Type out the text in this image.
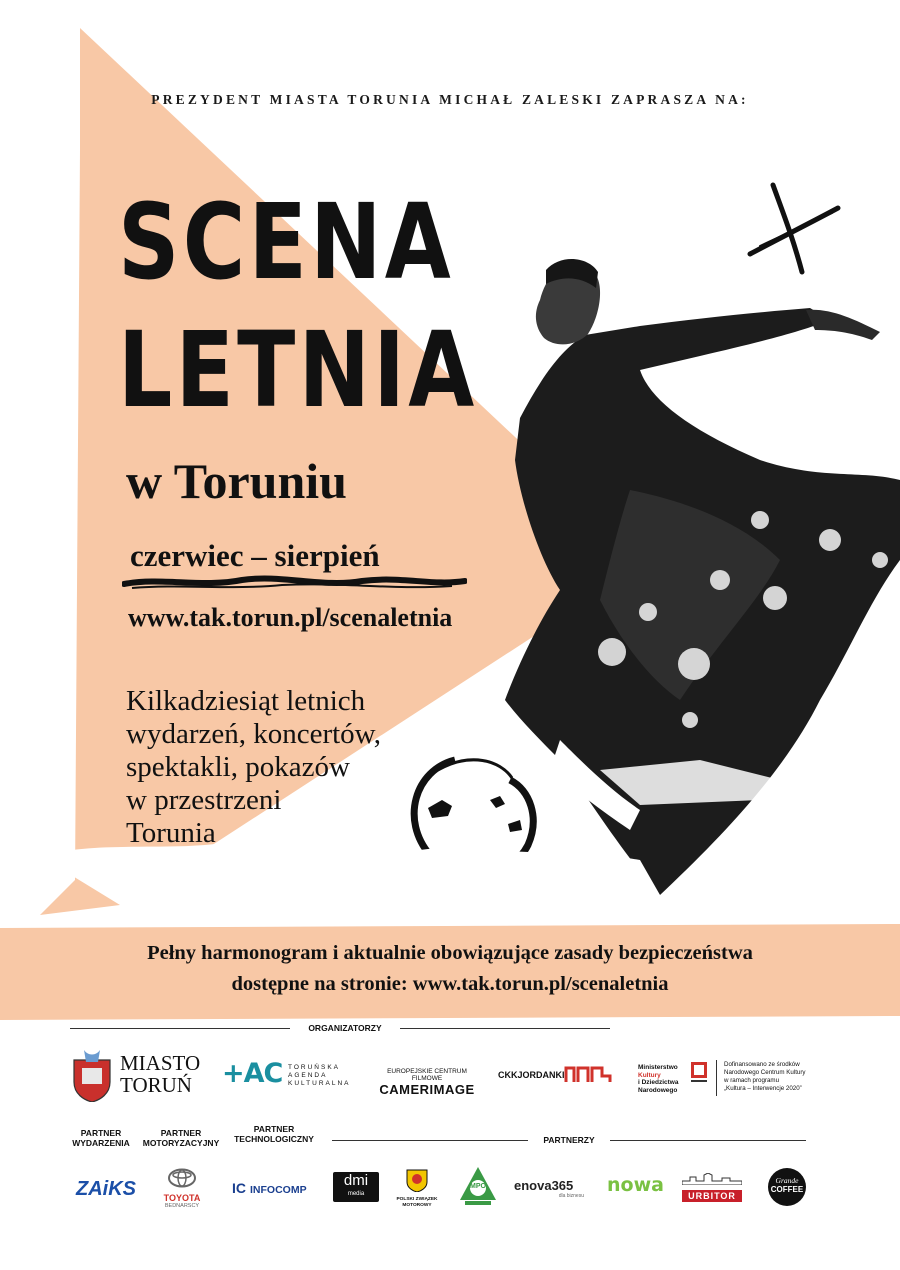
PREZYDENT MIASTA TORUNIA MICHAŁ ZALESKI ZAPRASZA NA:
SCENA
LETNIA
w Toruniu
czerwiec – sierpień
www.tak.torun.pl/scenaletnia
Kilkadziesiąt letnich
wydarzeń, koncertów,
spektakli, pokazów
w przestrzeni
Torunia
Pełny harmonogram i aktualnie obowiązujące zasady bezpieczeństwa
dostępne na stronie: www.tak.torun.pl/scenaletnia
ORGANIZATORZY
MIASTO
TORUŃ	+AC TORUŃSKA
AGENDA
KULTURALNA
EUROPEJSKIE CENTRUM FILMOWE
CAMERIMAGE
CKKJORDANKI
Ministerstwo
Kultury
i Dziedzictwa
Narodowego
Dofinansowano ze środków
Narodowego Centrum Kultury
w ramach programu
„Kultura – Interwencje 2020”
PARTNER
WYDARZENIA
PARTNER
MOTORYZACYJNY
PARTNER
TECHNOLOGICZNY	PARTNERZY
ZAiKS	TOYOTA
BEDNARSCY
IC INFOCOMP
dmi
media
POLSKI ZWIĄZEK
MOTOROWY
MPO	enova365
dla biznesu	nowa	URBITOR
Grande
COFFEE
